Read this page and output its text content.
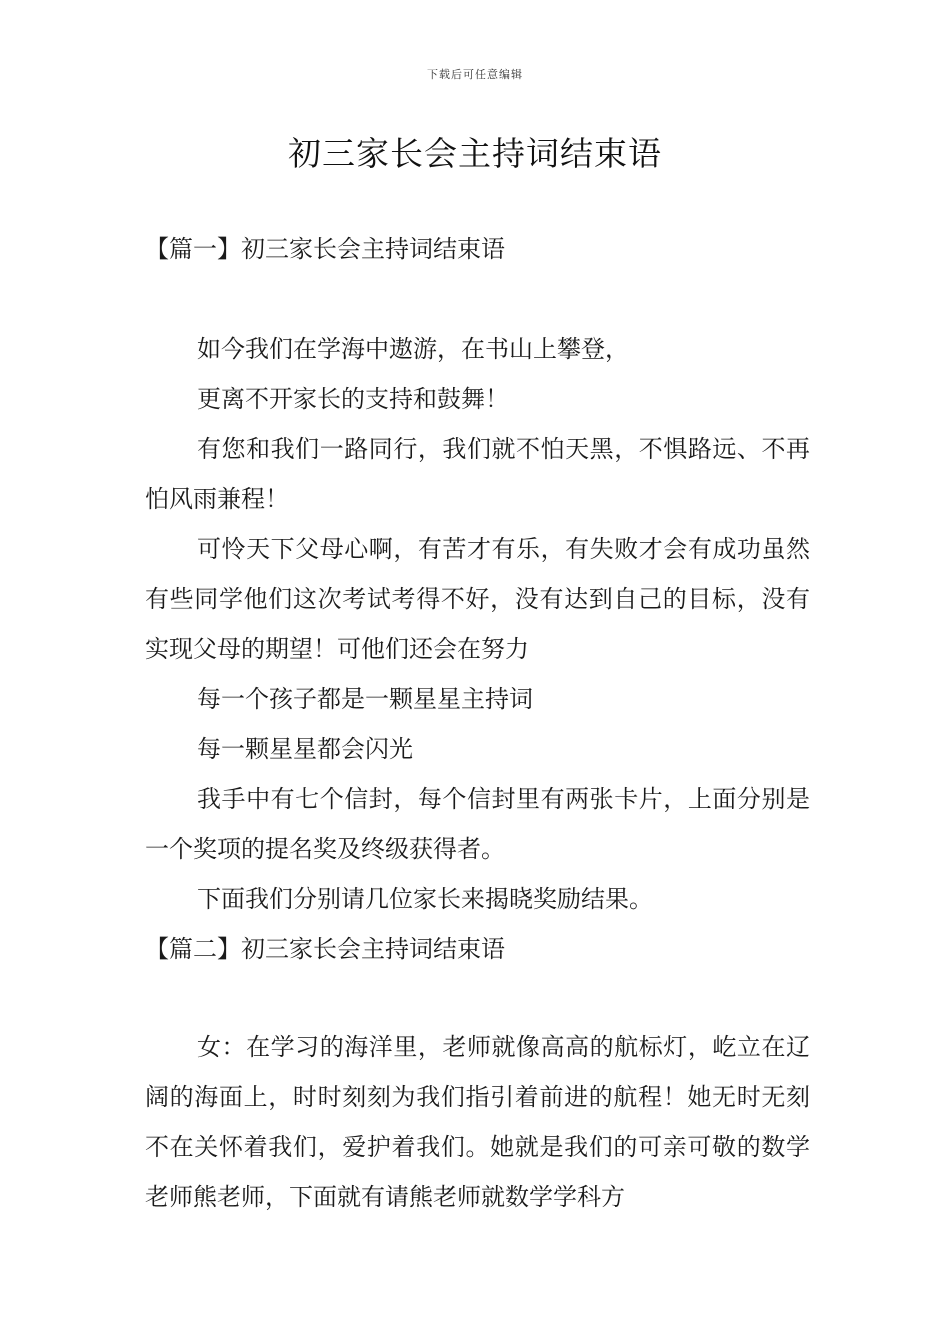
下载后可任意编辑
初三家长会主持词结束语
【篇一】初三家长会主持词结束语

如今我们在学海中遨游，在书山上攀登，

更离不开家长的支持和鼓舞！

有您和我们一路同行，我们就不怕天黑，不惧路远、不再怕风雨兼程！

可怜天下父母心啊，有苦才有乐，有失败才会有成功虽然有些同学他们这次考试考得不好，没有达到自己的目标，没有实现父母的期望！可他们还会在努力

每一个孩子都是一颗星星主持词

每一颗星星都会闪光

我手中有七个信封，每个信封里有两张卡片，上面分别是一个奖项的提名奖及终级获得者。

下面我们分别请几位家长来揭晓奖励结果。

【篇二】初三家长会主持词结束语

女：在学习的海洋里，老师就像高高的航标灯，屹立在辽阔的海面上，时时刻刻为我们指引着前进的航程！她无时无刻不在关怀着我们，爱护着我们。她就是我们的可亲可敬的数学老师熊老师，下面就有请熊老师就数学学科方
